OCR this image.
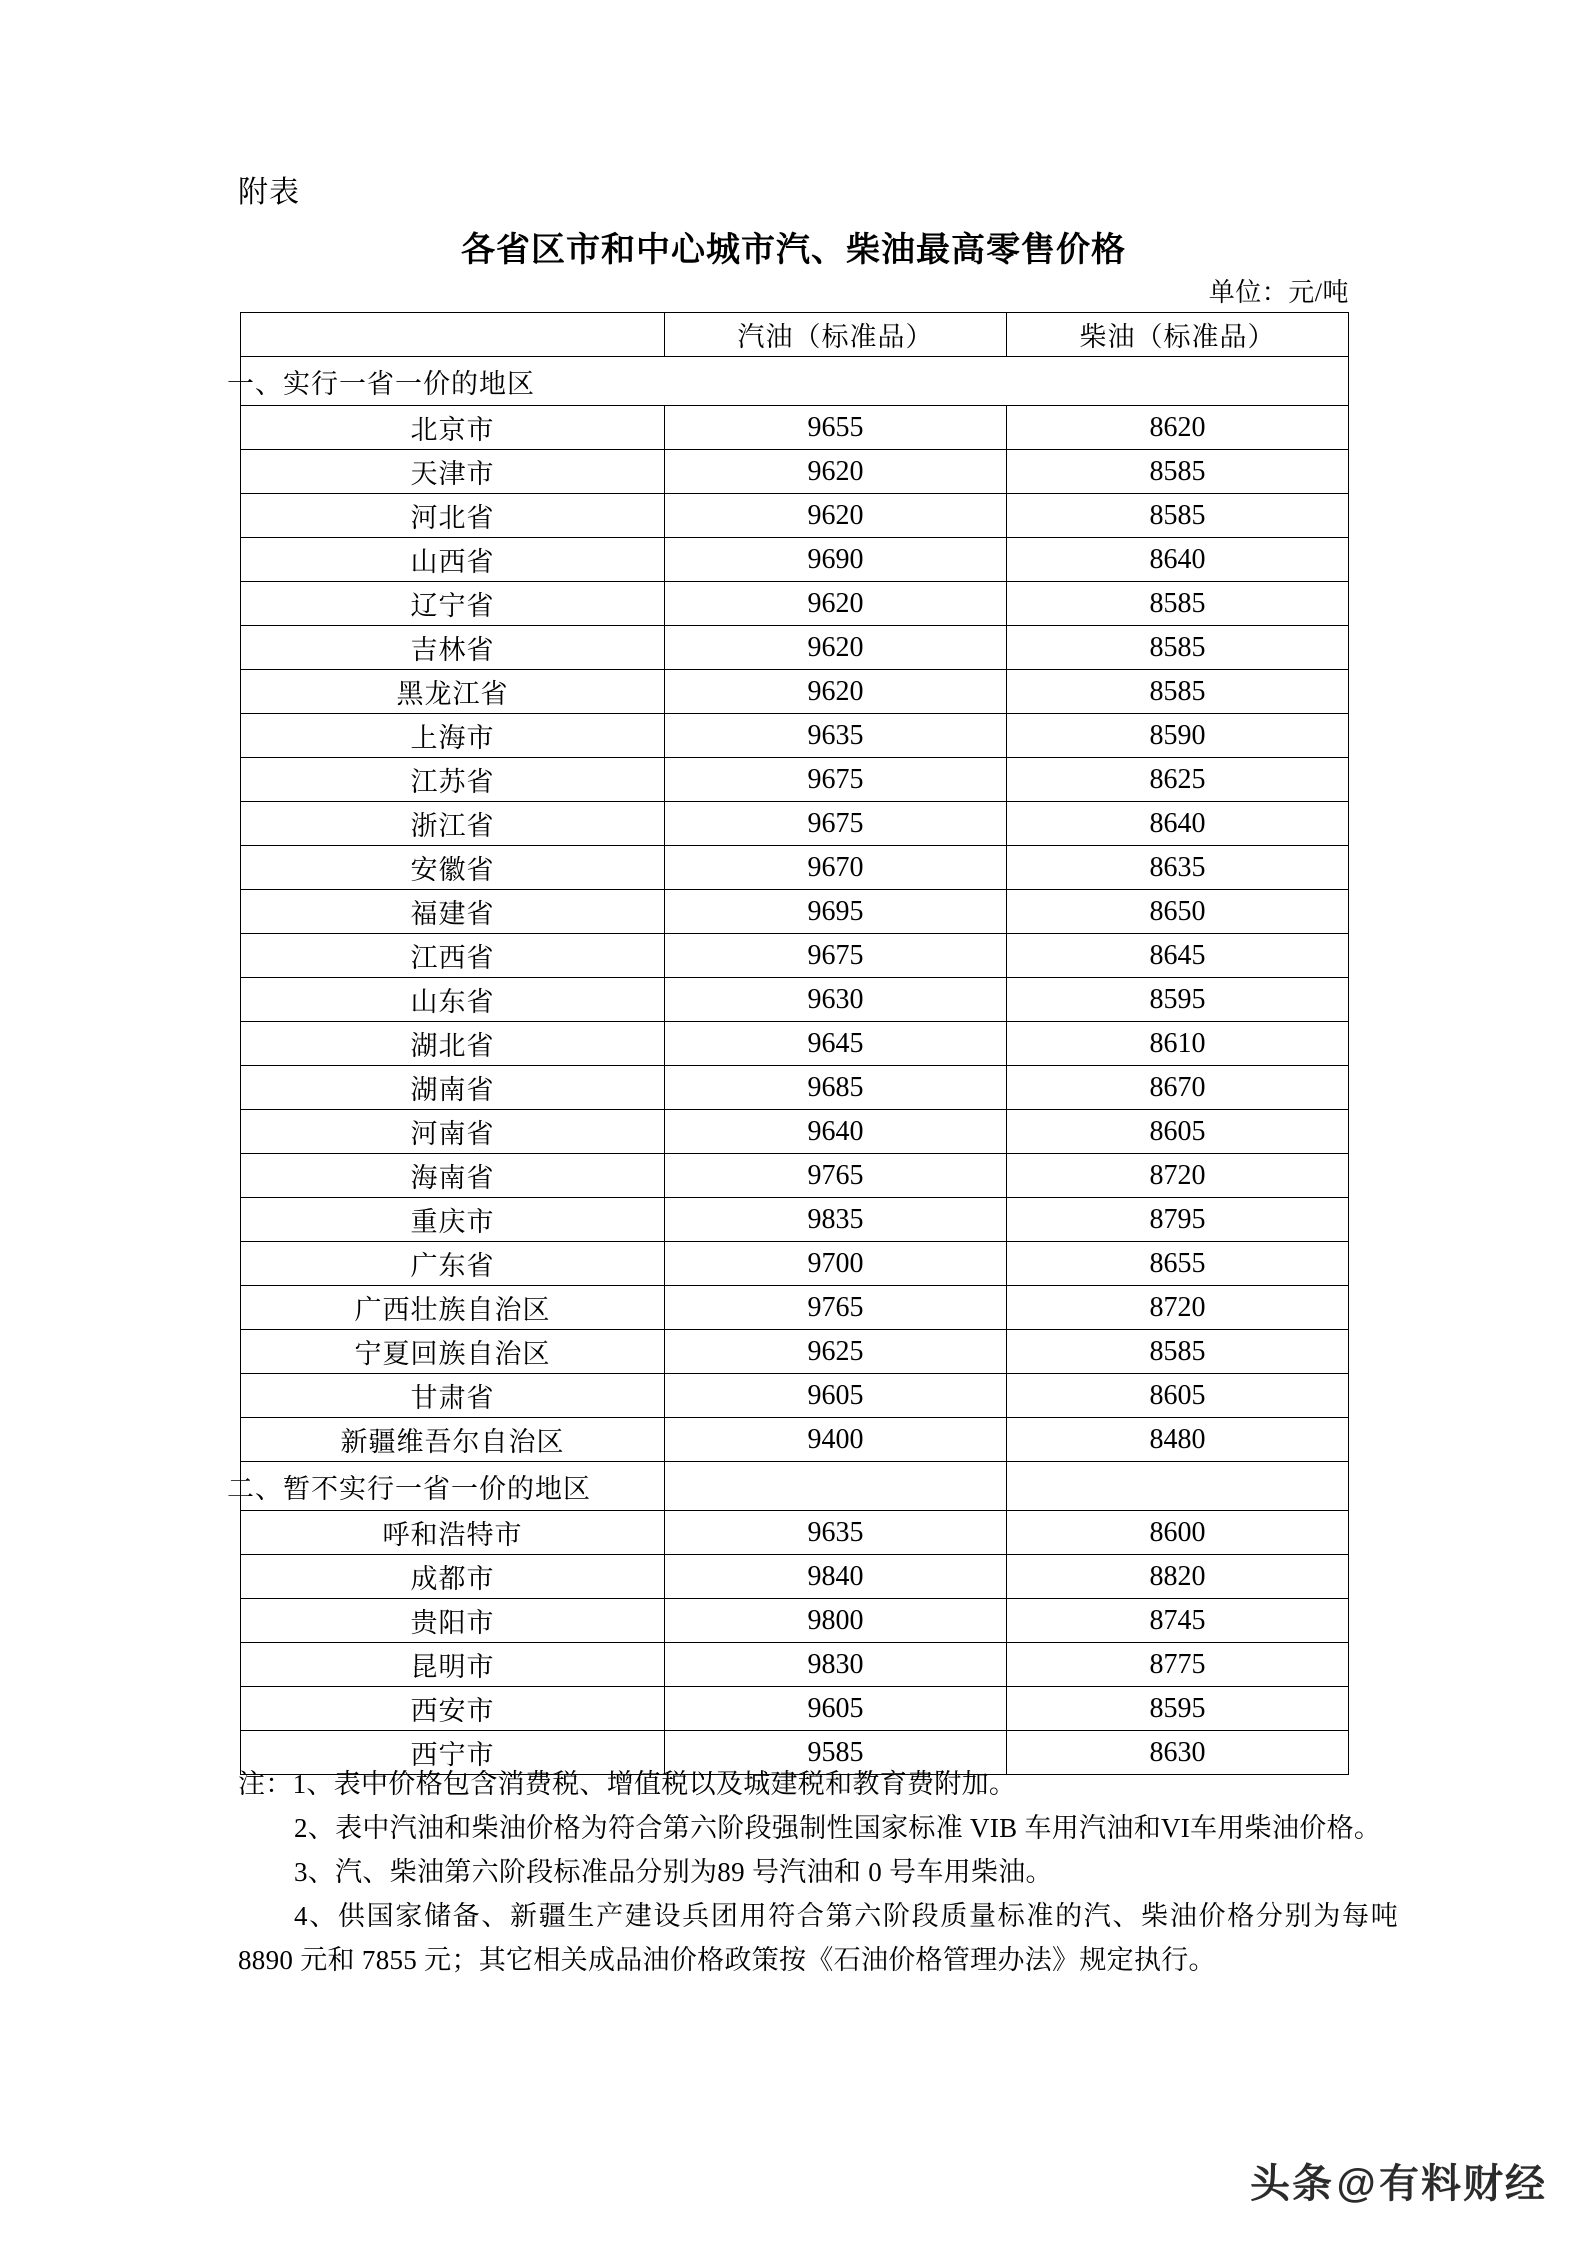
附表
各省区市和中心城市汽、柴油最高零售价格
单位：元/吨
	汽油（标准品）	柴油（标准品）
一、实行一省一价的地区		
北京市	9655	8620
天津市	9620	8585
河北省	9620	8585
山西省	9690	8640
辽宁省	9620	8585
吉林省	9620	8585
黑龙江省	9620	8585
上海市	9635	8590
江苏省	9675	8625
浙江省	9675	8640
安徽省	9670	8635
福建省	9695	8650
江西省	9675	8645
山东省	9630	8595
湖北省	9645	8610
湖南省	9685	8670
河南省	9640	8605
海南省	9765	8720
重庆市	9835	8795
广东省	9700	8655
广西壮族自治区	9765	8720
宁夏回族自治区	9625	8585
甘肃省	9605	8605
新疆维吾尔自治区	9400	8480
二、暂不实行一省一价的地区		
呼和浩特市	9635	8600
成都市	9840	8820
贵阳市	9800	8745
昆明市	9830	8775
西安市	9605	8595
西宁市	9585	8630

注：1、表中价格包含消费税、增值税以及城建税和教育费附加。

2、表中汽油和柴油价格为符合第六阶段强制性国家标准 VIB 车用汽油和VI车用柴油价格。

3、汽、柴油第六阶段标准品分别为89 号汽油和 0 号车用柴油。

4、供国家储备、新疆生产建设兵团用符合第六阶段质量标准的汽、柴油价格分别为每吨 8890 元和 7855 元；其它相关成品油价格政策按《石油价格管理办法》规定执行。

头条@有料财经
